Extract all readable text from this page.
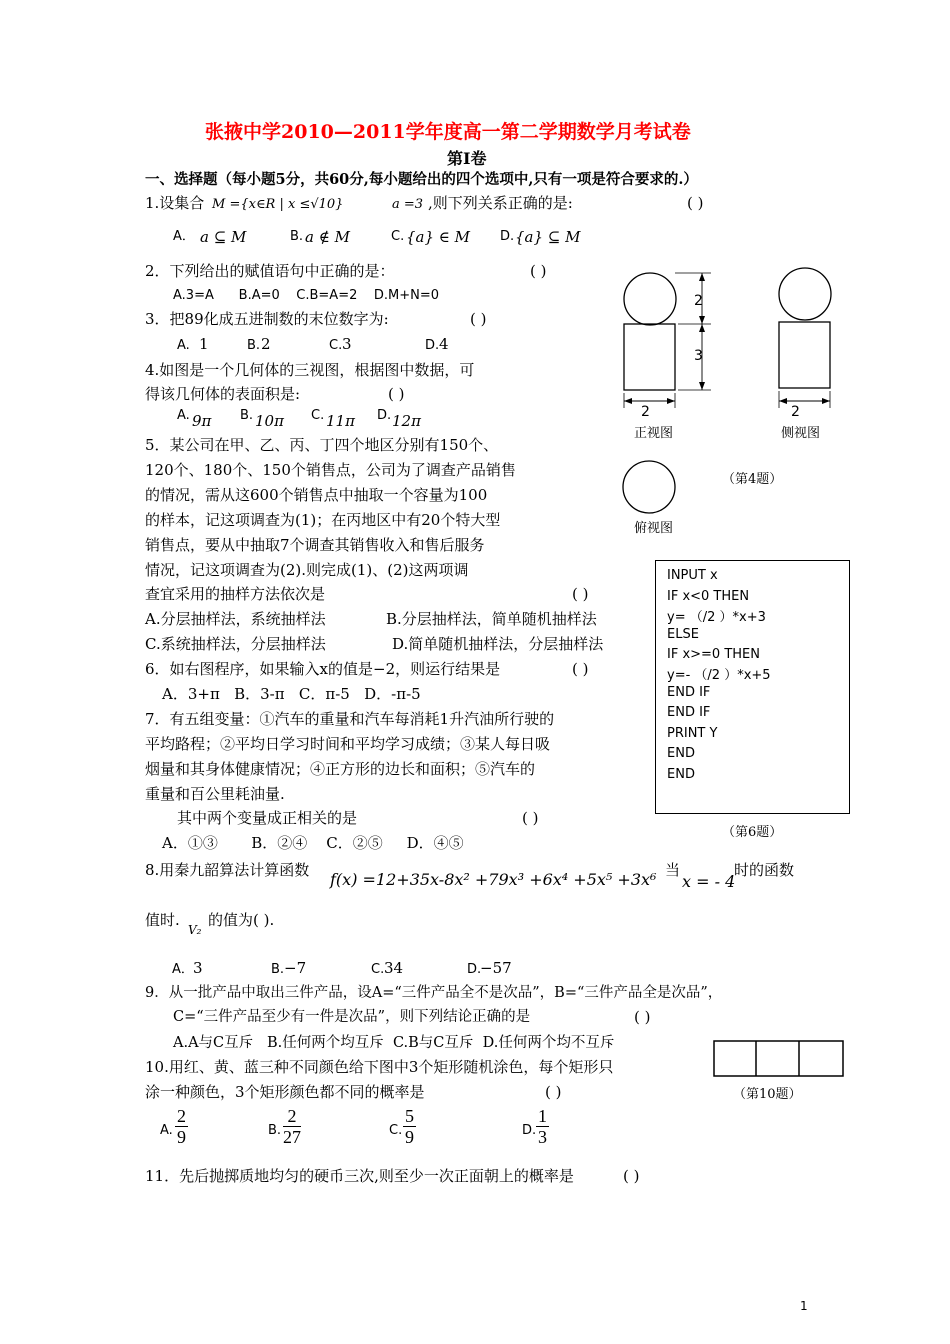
张掖中学2010—2011学年度高一第二学期数学月考试卷
第Ⅰ卷
一、选择题（每小题5分，共60分,每小题给出的四个选项中,只有一项是符合要求的.）
1.设集合 M ={x∈R | x ≤√10}	a =3 ,则下列关系正确的是:	( )
A． a ⊆ M	B. a ∉ M	C. {a} ∈ M D. {a} ⊆ M
2．下列给出的赋值语句中正确的是：	( )
A.3=A      B.A=0    C.B=A=2    D.M+N=0
3．把89化成五进制数的末位数字为:	( )
A. 1	B. 2	C. 3	D. 4
4.如图是一个几何体的三视图，根据图中数据，可
得该几何体的表面积是:	( )
A. 9π B. 10π C. 11π D. 12π
2
3
2	2
正视图	侧视图
俯视图
（第4题）
5．某公司在甲、乙、丙、丁四个地区分别有150个、
120个、180个、150个销售点，公司为了调查产品销售
的情况，需从这600个销售点中抽取一个容量为100
的样本，记这项调查为(1)；在丙地区中有20个特大型
销售点，要从中抽取7个调查其销售收入和售后服务
情况，记这项调查为(2).则完成(1)、(2)这两项调
查宜采用的抽样方法依次是	( )
A.分层抽样法，系统抽样法	B.分层抽样法，简单随机抽样法
C.系统抽样法，分层抽样法	D.简单随机抽样法，分层抽样法
INPUT x
IF x<0 THEN
y= （/2 ）*x+3
ELSE
IF x>=0 THEN
y=- （/2 ）*x+5
END IF
END IF
PRINT Y
END
END
（第6题）
6．如右图程序，如果输入x的值是−2，则运行结果是	( )
A．3+π   B．3-π   C．π-5   D．-π-5
7．有五组变量：①汽车的重量和汽车每消耗1升汽油所行驶的
平均路程；②平均日学习时间和平均学习成绩；③某人每日吸
烟量和其身体健康情况；④正方形的边长和面积；⑤汽车的
重量和百公里耗油量.
其中两个变量成正相关的是	( )
A．①③       B．②④    C．②⑤     D．④⑤
8.用秦九韶算法计算函数 f(x) =12+35x-8x² +79x³ +6x⁴ +5x⁵ +3x⁶ 当
x = - 4
时的函数
值时.
V₂
的值为( ).
A． 3	B. −7	C. 34	D.
−57
9．从一批产品中取出三件产品，设A=“三件产品全不是次品”，B=“三件产品全是次品”，
C=“三件产品至少有一件是次品”，则下列结论正确的是	( )
A.A与C互斥   B.任何两个均互斥  C.B与C互斥  D.任何两个均不互斥
10.用红、黄、蓝三种不同颜色给下图中3个矩形随机涂色，每个矩形只
涂一种颜色，3个矩形颜色都不同的概率是	( )	（第10题）
A. $\frac{2}{9}$	B. $\frac{2}{27}$	C. $\frac{5}{9}$	D. $\frac{1}{3}$
11．先后抛掷质地均匀的硬币三次,则至少一次正面朝上的概率是	( )
1
